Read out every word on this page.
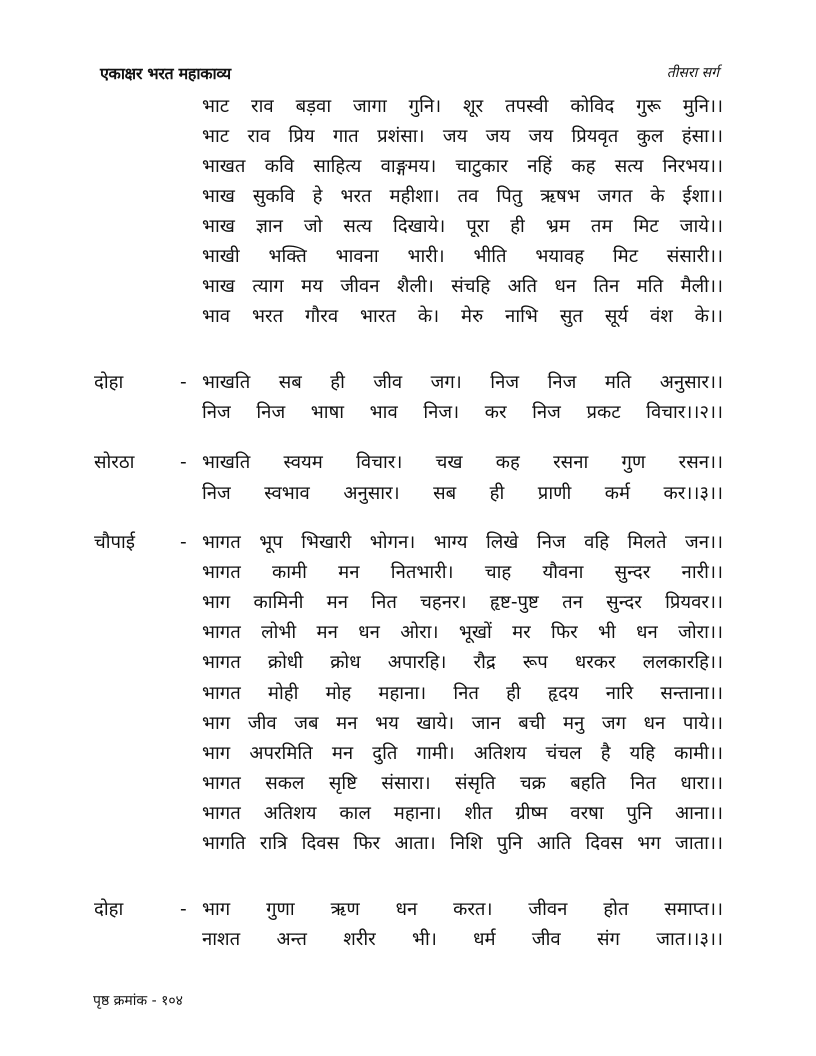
एकाक्षर भरत महाकाव्य	तीसरा सर्ग
भाट राव बड़वा जागा गुनि। शूर तपस्वी कोविद गुरू मुनि।।
भाट राव प्रिय गात प्रशंसा। जय जय जय प्रियवृत कुल हंसा।।
भाखत कवि साहित्य वाङ्गमय। चाटुकार नहिं कह सत्य निरभय।।
भाख सुकवि हे भरत महीशा। तव पितु ऋषभ जगत के ईशा।।
भाख ज्ञान जो सत्य दिखाये। पूरा ही भ्रम तम मिट जाये।।
भाखी भक्ति भावना भारी। भीति भयावह मिट संसारी।।
भाख त्याग मय जीवन शैली। संचहि अति धन तिन मति मैली।।
भाव भरत गौरव भारत के। मेरु नाभि सुत सूर्य वंश के।।
दोहा	- भाखति सब ही जीव जग। निज निज मति अनुसार।।
निज निज भाषा भाव निज। कर निज प्रकट विचार।।२।।
सोरठा - भाखति स्वयम विचार। चख कह रसना गुण रसन।।
निज स्वभाव अनुसार। सब ही प्राणी कर्म कर।।३।।
चौपाई - भागत भूप भिखारी भोगन। भाग्य लिखे निज वहि मिलते जन।।
भागत कामी मन नितभारी। चाह यौवना सुन्दर नारी।।
भाग कामिनी मन नित चहनर। हृष्ट-पुष्ट तन सुन्दर प्रियवर।।
भागत लोभी मन धन ओरा। भूखों मर फिर भी धन जोरा।।
भागत क्रोधी क्रोध अपारहि। रौद्र रूप धरकर ललकारहि।।
भागत मोही मोह महाना। नित ही हृदय नारि सन्ताना।।
भाग जीव जब मन भय खाये। जान बची मनु जग धन पाये।।
भाग अपरमिति मन दुति गामी। अतिशय चंचल है यहि कामी।।
भागत सकल सृष्टि संसारा। संसृति चक्र बहति नित धारा।।
भागत अतिशय काल महाना। शीत ग्रीष्म वरषा पुनि आना।।
भागति रात्रि दिवस फिर आता। निशि पुनि आति दिवस भग जाता।।
दोहा	- भाग गुणा ऋण धन करत। जीवन होत समाप्त।।
नाशत अन्त शरीर भी। धर्म जीव संग जात।।३।।
पृष्ठ क्रमांक - १०४
